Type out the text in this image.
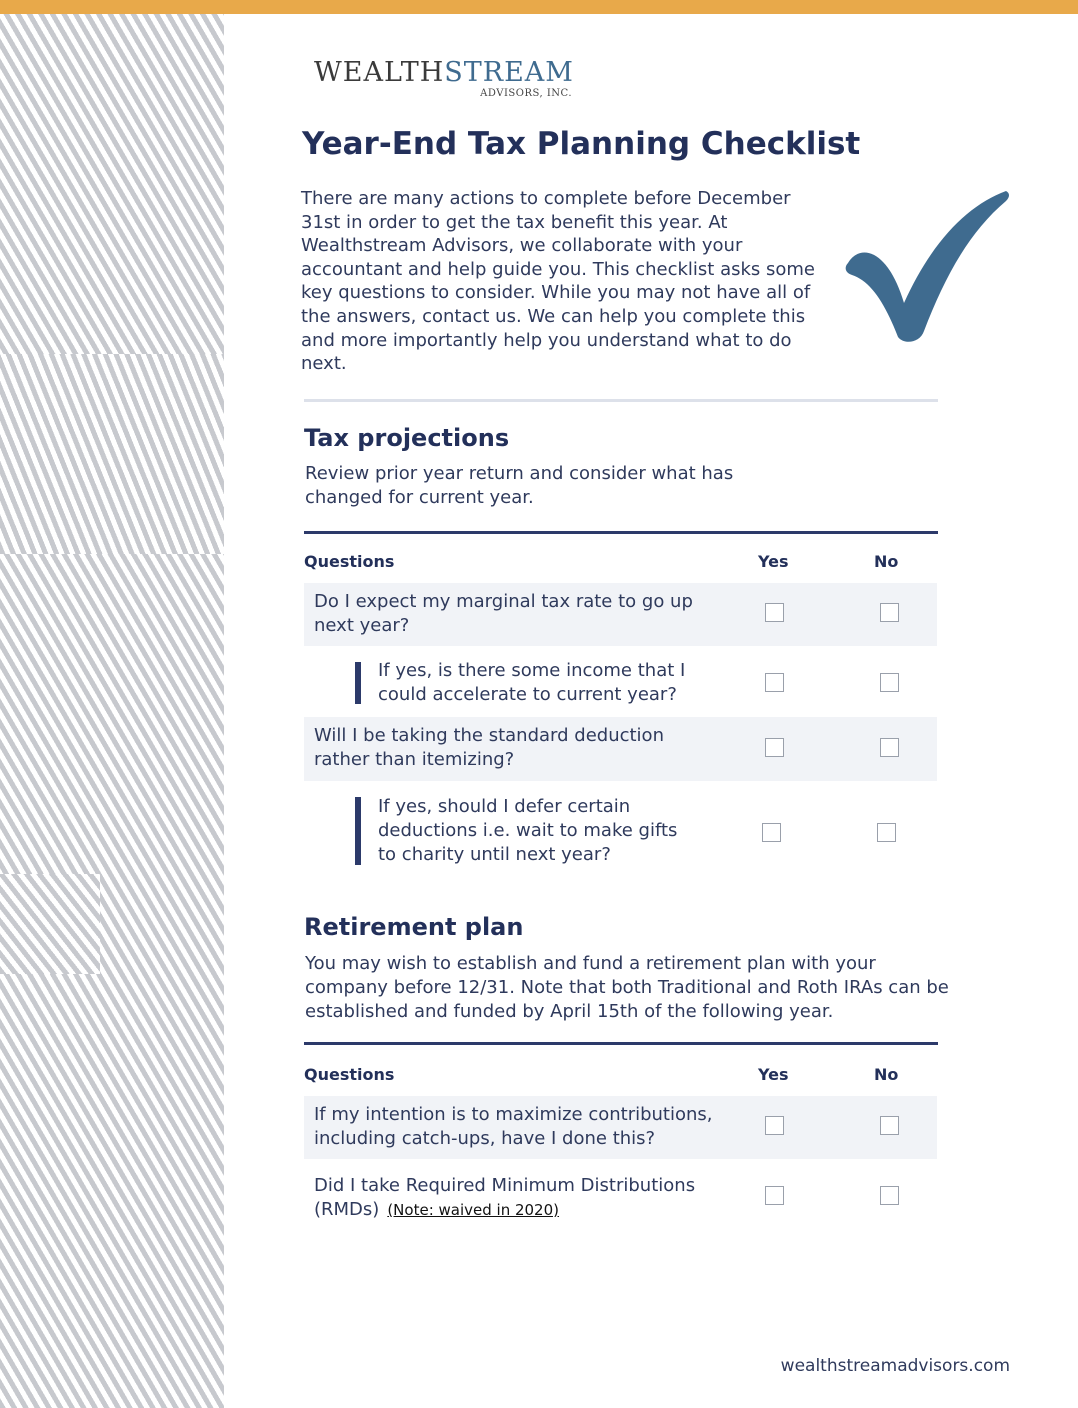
WEALTHSTREAM
ADVISORS, INC.
Year-End Tax Planning Checklist

There are many actions to complete before December 31st in order to get the tax benefit this year. At Wealthstream Advisors, we collaborate with your accountant and help guide you. This checklist asks some key questions to consider. While you may not have all of the answers, contact us. We can help you complete this and more importantly help you understand what to do next.

Tax projections

Review prior year return and consider what has changed for current year.

Questions	Yes	No
Do I expect my marginal tax rate to go up next year?
If yes, is there some income that I could accelerate to current year?
Will I be taking the standard deduction rather than itemizing?
If yes, should I defer certain deductions i.e. wait to make gifts to charity until next year?
Retirement plan

You may wish to establish and fund a retirement plan with your company before 12/31. Note that both Traditional and Roth IRAs can be established and funded by April 15th of the following year.

Questions	Yes	No
If my intention is to maximize contributions, including catch-ups, have I done this?
Did I take Required Minimum Distributions (RMDs) (Note: waived in 2020)
wealthstreamadvisors.com
